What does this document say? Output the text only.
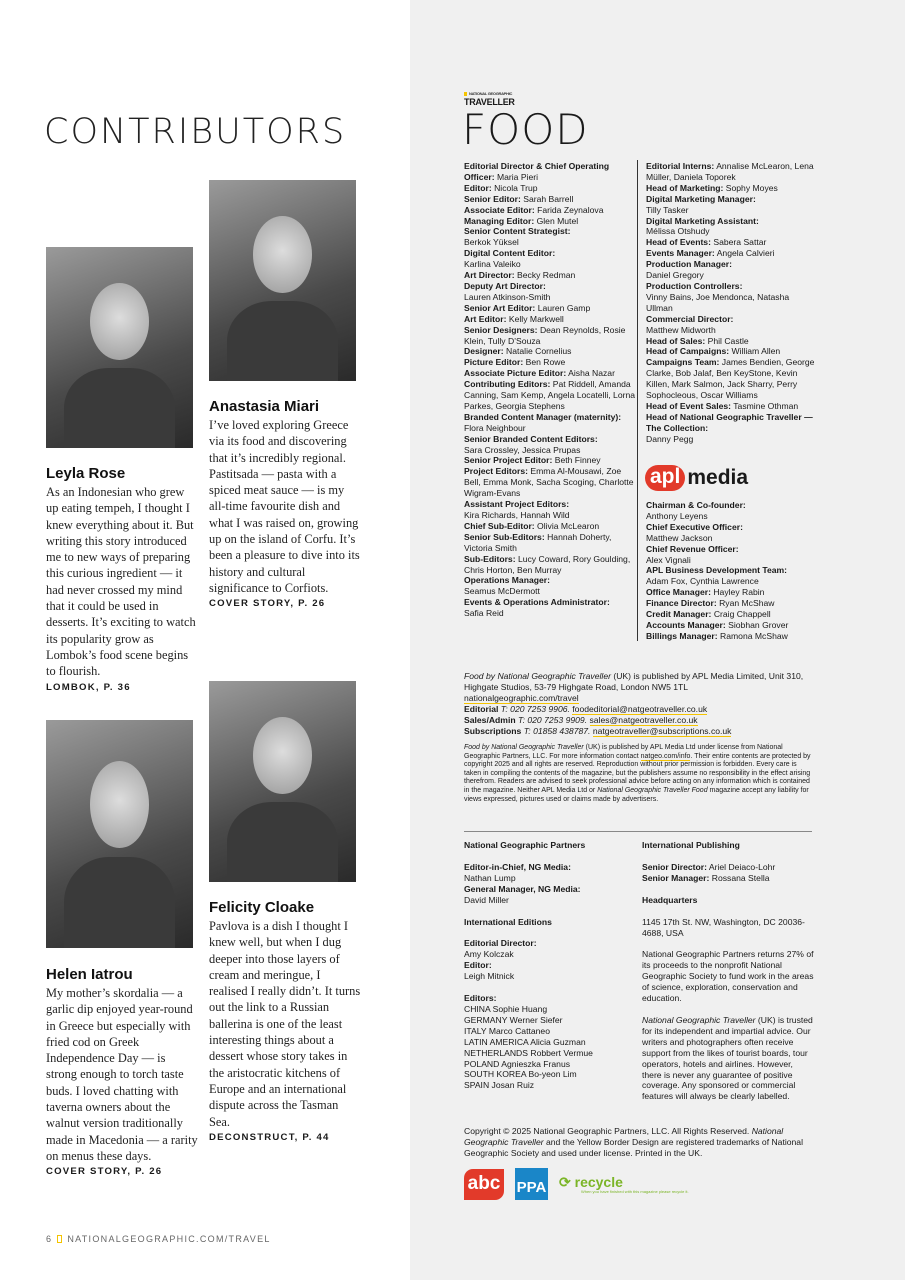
CONTRIBUTORS
Leyla Rose
As an Indonesian who grew up eating tempeh, I thought I knew everything about it. But writing this story introduced me to new ways of preparing this curious ingredient — it had never crossed my mind that it could be used in desserts. It’s exciting to watch its popularity grow as Lombok’s food scene begins to flourish.
LOMBOK, P. 36
Anastasia Miari
I’ve loved exploring Greece via its food and discovering that it’s incredibly regional. Pastitsada — pasta with a spiced meat sauce — is my all-time favourite dish and what I was raised on, growing up on the island of Corfu. It’s been a pleasure to dive into its history and cultural significance to Corfiots.
COVER STORY, P. 26
Helen Iatrou
My mother’s skordalia — a garlic dip enjoyed year-round in Greece but especially with fried cod on Greek Independence Day — is strong enough to torch taste buds. I loved chatting with taverna owners about the walnut version traditionally made in Macedonia — a rarity on menus these days.
COVER STORY, P. 26
Felicity Cloake
Pavlova is a dish I thought I knew well, but when I dug deeper into those layers of cream and meringue, I realised I really didn’t. It turns out the link to a Russian ballerina is one of the least interesting things about a dessert whose story takes in the aristocratic kitchens of Europe and an international dispute across the Tasman Sea.
DECONSTRUCT, P. 44
6 NATIONALGEOGRAPHIC.COM/TRAVEL
NATIONAL GEOGRAPHIC
TRAVELLER
FOOD
Editorial Director & Chief Operating Officer: Maria Pieri
Editor: Nicola Trup
Senior Editor: Sarah Barrell
Associate Editor: Farida Zeynalova
Managing Editor: Glen Mutel
Senior Content Strategist:
Berkok Yüksel
Digital Content Editor:
Karlina Valeiko
Art Director: Becky Redman
Deputy Art Director:
Lauren Atkinson-Smith
Senior Art Editor: Lauren Gamp
Art Editor: Kelly Markwell
Senior Designers: Dean Reynolds, Rosie Klein, Tully D’Souza
Designer: Natalie Cornelius
Picture Editor: Ben Rowe
Associate Picture Editor: Aisha Nazar
Contributing Editors: Pat Riddell, Amanda Canning, Sam Kemp, Angela Locatelli, Lorna Parkes, Georgia Stephens
Branded Content Manager (maternity): Flora Neighbour
Senior Branded Content Editors:
Sara Crossley, Jessica Prupas
Senior Project Editor: Beth Finney
Project Editors: Emma Al-Mousawi, Zoe Bell, Emma Monk, Sacha Scoging, Charlotte Wigram-Evans
Assistant Project Editors:
Kira Richards, Hannah Wild
Chief Sub-Editor: Olivia McLearon
Senior Sub-Editors: Hannah Doherty, Victoria Smith
Sub-Editors: Lucy Coward, Rory Goulding, Chris Horton, Ben Murray
Operations Manager:
Seamus McDermott
Events & Operations Administrator:
Safia Reid
Editorial Interns: Annalise McLearon, Lena Müller, Daniela Toporek
Head of Marketing: Sophy Moyes
Digital Marketing Manager:
Tilly Tasker
Digital Marketing Assistant:
Mélissa Otshudy
Head of Events: Sabera Sattar
Events Manager: Angela Calvieri
Production Manager:
Daniel Gregory
Production Controllers:
Vinny Bains, Joe Mendonca, Natasha Ullman
Commercial Director:
Matthew Midworth
Head of Sales: Phil Castle
Head of Campaigns: William Allen
Campaigns Team: James Bendien, George Clarke, Bob Jalaf, Ben KeyStone, Kevin Killen, Mark Salmon, Jack Sharry, Perry Sophocleous, Oscar Williams
Head of Event Sales: Tasmine Othman
Head of National Geographic Traveller — The Collection:
Danny Pegg
apl media
Chairman & Co-founder:
Anthony Leyens
Chief Executive Officer:
Matthew Jackson
Chief Revenue Officer:
Alex Vignali
APL Business Development Team:
Adam Fox, Cynthia Lawrence
Office Manager: Hayley Rabin
Finance Director: Ryan McShaw
Credit Manager: Craig Chappell
Accounts Manager: Siobhan Grover
Billings Manager: Ramona McShaw
Food by National Geographic Traveller (UK) is published by APL Media Limited, Unit 310, Highgate Studios, 53-79 Highgate Road, London NW5 1TL
nationalgeographic.com/travel
Editorial T: 020 7253 9906. foodeditorial@natgeotraveller.co.uk
Sales/Admin T: 020 7253 9909. sales@natgeotraveller.co.uk
Subscriptions T: 01858 438787. natgeotraveller@subscriptions.co.uk
Food by National Geographic Traveller (UK) is published by APL Media Ltd under license from National Geographic Partners, LLC. For more information contact natgeo.com/info. Their entire contents are protected by copyright 2025 and all rights are reserved. Reproduction without prior permission is forbidden. Every care is taken in compiling the contents of the magazine, but the publishers assume no responsibility in the effect arising therefrom. Readers are advised to seek professional advice before acting on any information which is contained in the magazine. Neither APL Media Ltd or National Geographic Traveller Food magazine accept any liability for views expressed, pictures used or claims made by advertisers.
National Geographic Partners
Editor-in-Chief, NG Media:
Nathan Lump
General Manager, NG Media:
David Miller
International Editions
Editorial Director:
Amy Kolczak
Editor:
Leigh Mitnick
Editors:
CHINA Sophie Huang
GERMANY Werner Siefer
ITALY Marco Cattaneo
LATIN AMERICA Alicia Guzman
NETHERLANDS Robbert Vermue
POLAND Agnieszka Franus
SOUTH KOREA Bo-yeon Lim
SPAIN Josan Ruiz
International Publishing
Senior Director: Ariel Deiaco-Lohr
Senior Manager: Rossana Stella
Headquarters
1145 17th St. NW, Washington, DC 20036-4688, USA
National Geographic Partners returns 27% of its proceeds to the nonprofit National Geographic Society to fund work in the areas of science, exploration, conservation and education.
National Geographic Traveller (UK) is trusted for its independent and impartial advice. Our writers and photographers often receive support from the likes of tourist boards, tour operators, hotels and airlines. However, there is never any guarantee of positive coverage. Any sponsored or commercial features will always be clearly labelled.
Copyright © 2025 National Geographic Partners, LLC. All Rights Reserved. National Geographic Traveller and the Yellow Border Design are registered trademarks of National Geographic Society and used under license. Printed in the UK.
abc PPA ⟳ recycle
When you have finished with this magazine please recycle it.
